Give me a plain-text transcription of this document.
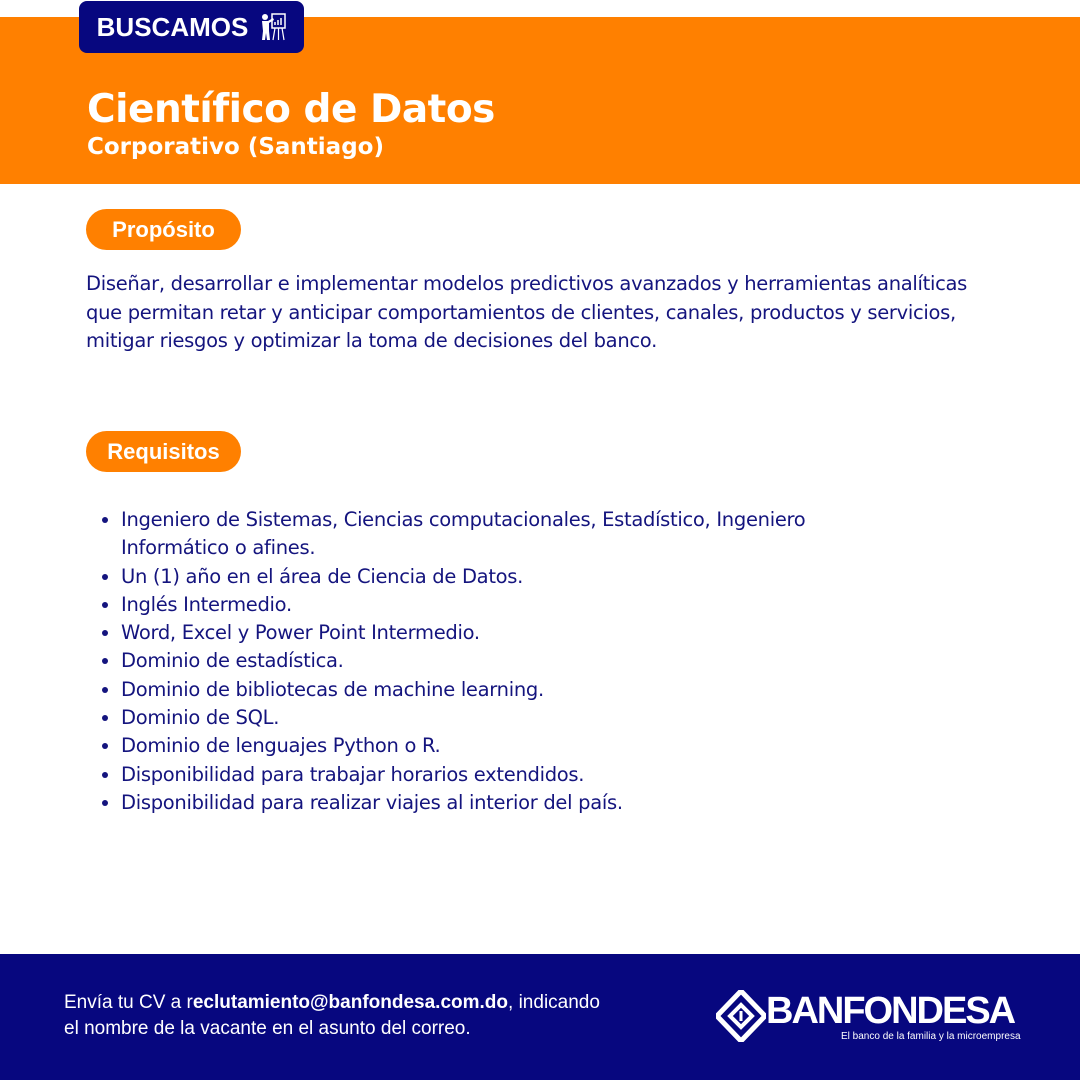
Científico de Datos
Corporativo (Santiago)
BUSCAMOS
Propósito
Diseñar, desarrollar e implementar modelos predictivos avanzados y herramientas analíticas que permitan retar y anticipar comportamientos de clientes, canales, productos y servicios, mitigar riesgos y optimizar la toma de decisiones del banco.
Requisitos
• Ingeniero de Sistemas, Ciencias computacionales, Estadístico, Ingeniero Informático o afines.
• Un (1) año en el área de Ciencia de Datos.
• Inglés Intermedio.
• Word, Excel y Power Point Intermedio.
• Dominio de estadística.
• Dominio de bibliotecas de machine learning.
• Dominio de SQL.
• Dominio de lenguajes Python o R.
• Disponibilidad para trabajar horarios extendidos.
• Disponibilidad para realizar viajes al interior del país.
Envía tu CV a reclutamiento@banfondesa.com.do, indicando
el nombre de la vacante en el asunto del correo.	BANFONDESA
El banco de la familia y la microempresa
